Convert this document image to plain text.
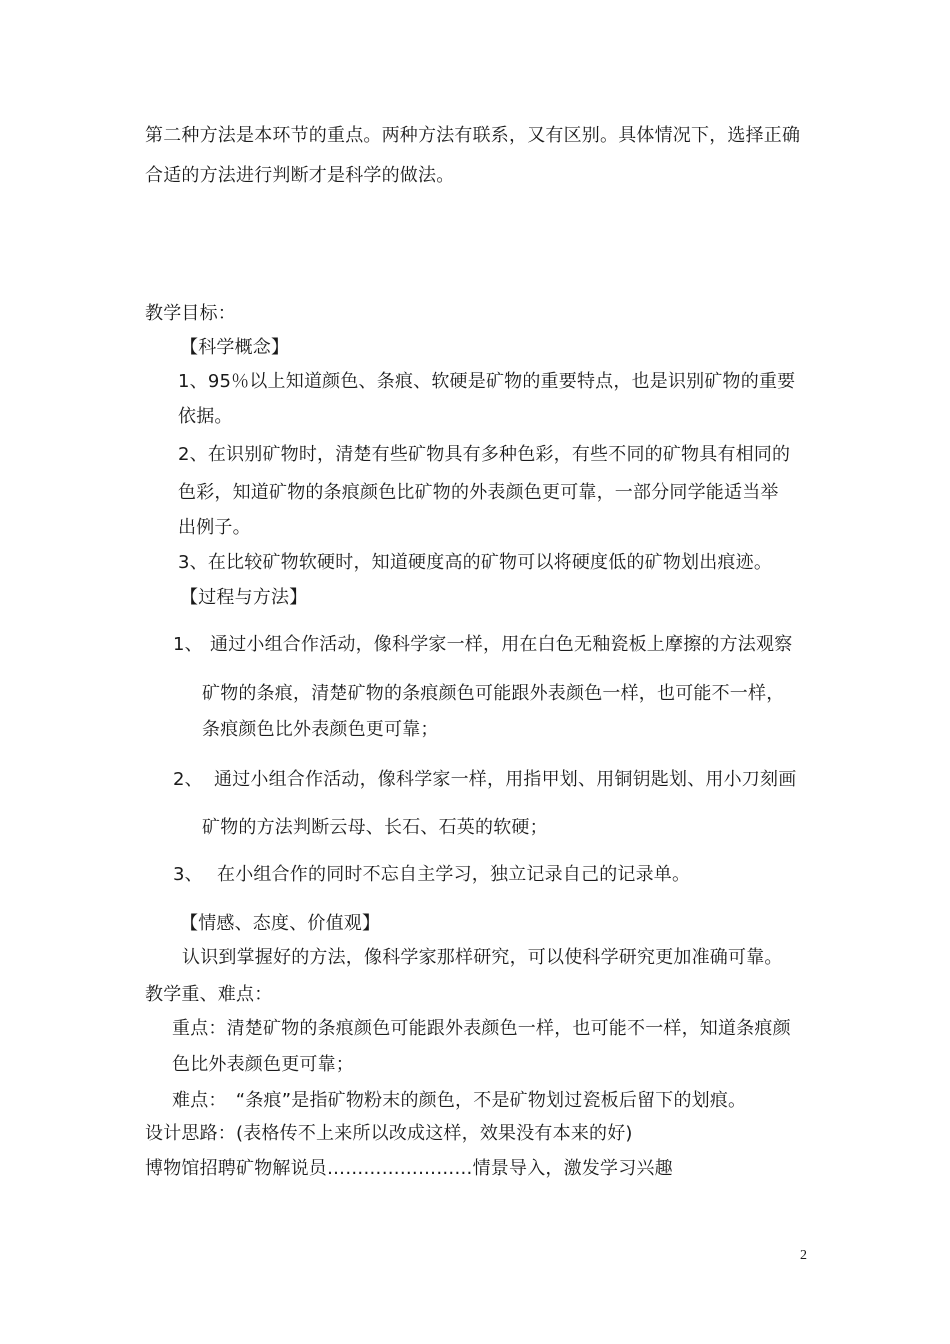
第二种方法是本环节的重点。两种方法有联系，又有区别。具体情况下，选择正确
合适的方法进行判断才是科学的做法。
教学目标：
【科学概念】
1、95％以上知道颜色、条痕、软硬是矿物的重要特点，也是识别矿物的重要
依据。
2、在识别矿物时，清楚有些矿物具有多种色彩，有些不同的矿物具有相同的
色彩，知道矿物的条痕颜色比矿物的外表颜色更可靠，一部分同学能适当举
出例子。
3、在比较矿物软硬时，知道硬度高的矿物可以将硬度低的矿物划出痕迹。
【过程与方法】
1、 通过小组合作活动，像科学家一样，用在白色无釉瓷板上摩擦的方法观察
矿物的条痕，清楚矿物的条痕颜色可能跟外表颜色一样，也可能不一样，
条痕颜色比外表颜色更可靠；
2、 通过小组合作活动，像科学家一样，用指甲划、用铜钥匙划、用小刀刻画
矿物的方法判断云母、长石、石英的软硬；
3、 在小组合作的同时不忘自主学习，独立记录自己的记录单。
【情感、态度、价值观】
认识到掌握好的方法，像科学家那样研究，可以使科学研究更加准确可靠。
教学重、难点：
重点：清楚矿物的条痕颜色可能跟外表颜色一样，也可能不一样，知道条痕颜
色比外表颜色更可靠；
难点：　“条痕”是指矿物粉末的颜色，不是矿物划过瓷板后留下的划痕。
设计思路：(表格传不上来所以改成这样，效果没有本来的好)
博物馆招聘矿物解说员……………………情景导入，激发学习兴趣
2
